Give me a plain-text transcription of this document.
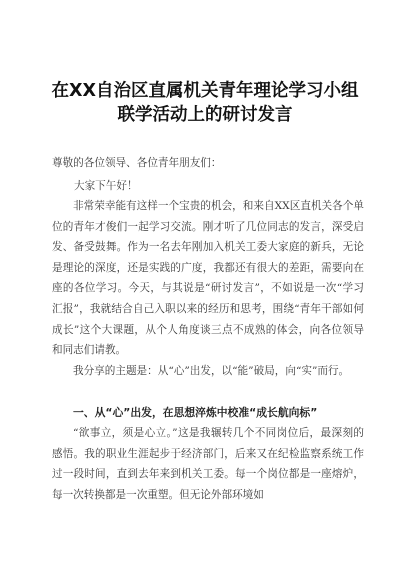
在XX自治区直属机关青年理论学习小组
联学活动上的研讨发言

尊敬的各位领导、各位青年朋友们：

大家下午好！

非常荣幸能有这样一个宝贵的机会，和来自XX区直机关各个单位的青年才俊们一起学习交流。刚才听了几位同志的发言，深受启发、备受鼓舞。作为一名去年刚加入机关工委大家庭的新兵，无论是理论的深度，还是实践的广度，我都还有很大的差距，需要向在座的各位学习。今天，与其说是“研讨发言”，不如说是一次“学习汇报”，我就结合自己入职以来的经历和思考，围绕“青年干部如何成长”这个大课题，从个人角度谈三点不成熟的体会，向各位领导和同志们请教。

我分享的主题是：从“心”出发，以“能”破局，向“实”而行。

一、从“心”出发，在思想淬炼中校准“成长航向标”

“欲事立，须是心立。”这是我辗转几个不同岗位后，最深刻的感悟。我的职业生涯起步于经济部门，后来又在纪检监察系统工作过一段时间，直到去年来到机关工委。每一个岗位都是一座熔炉，每一次转换都是一次重塑。但无论外部环境如
